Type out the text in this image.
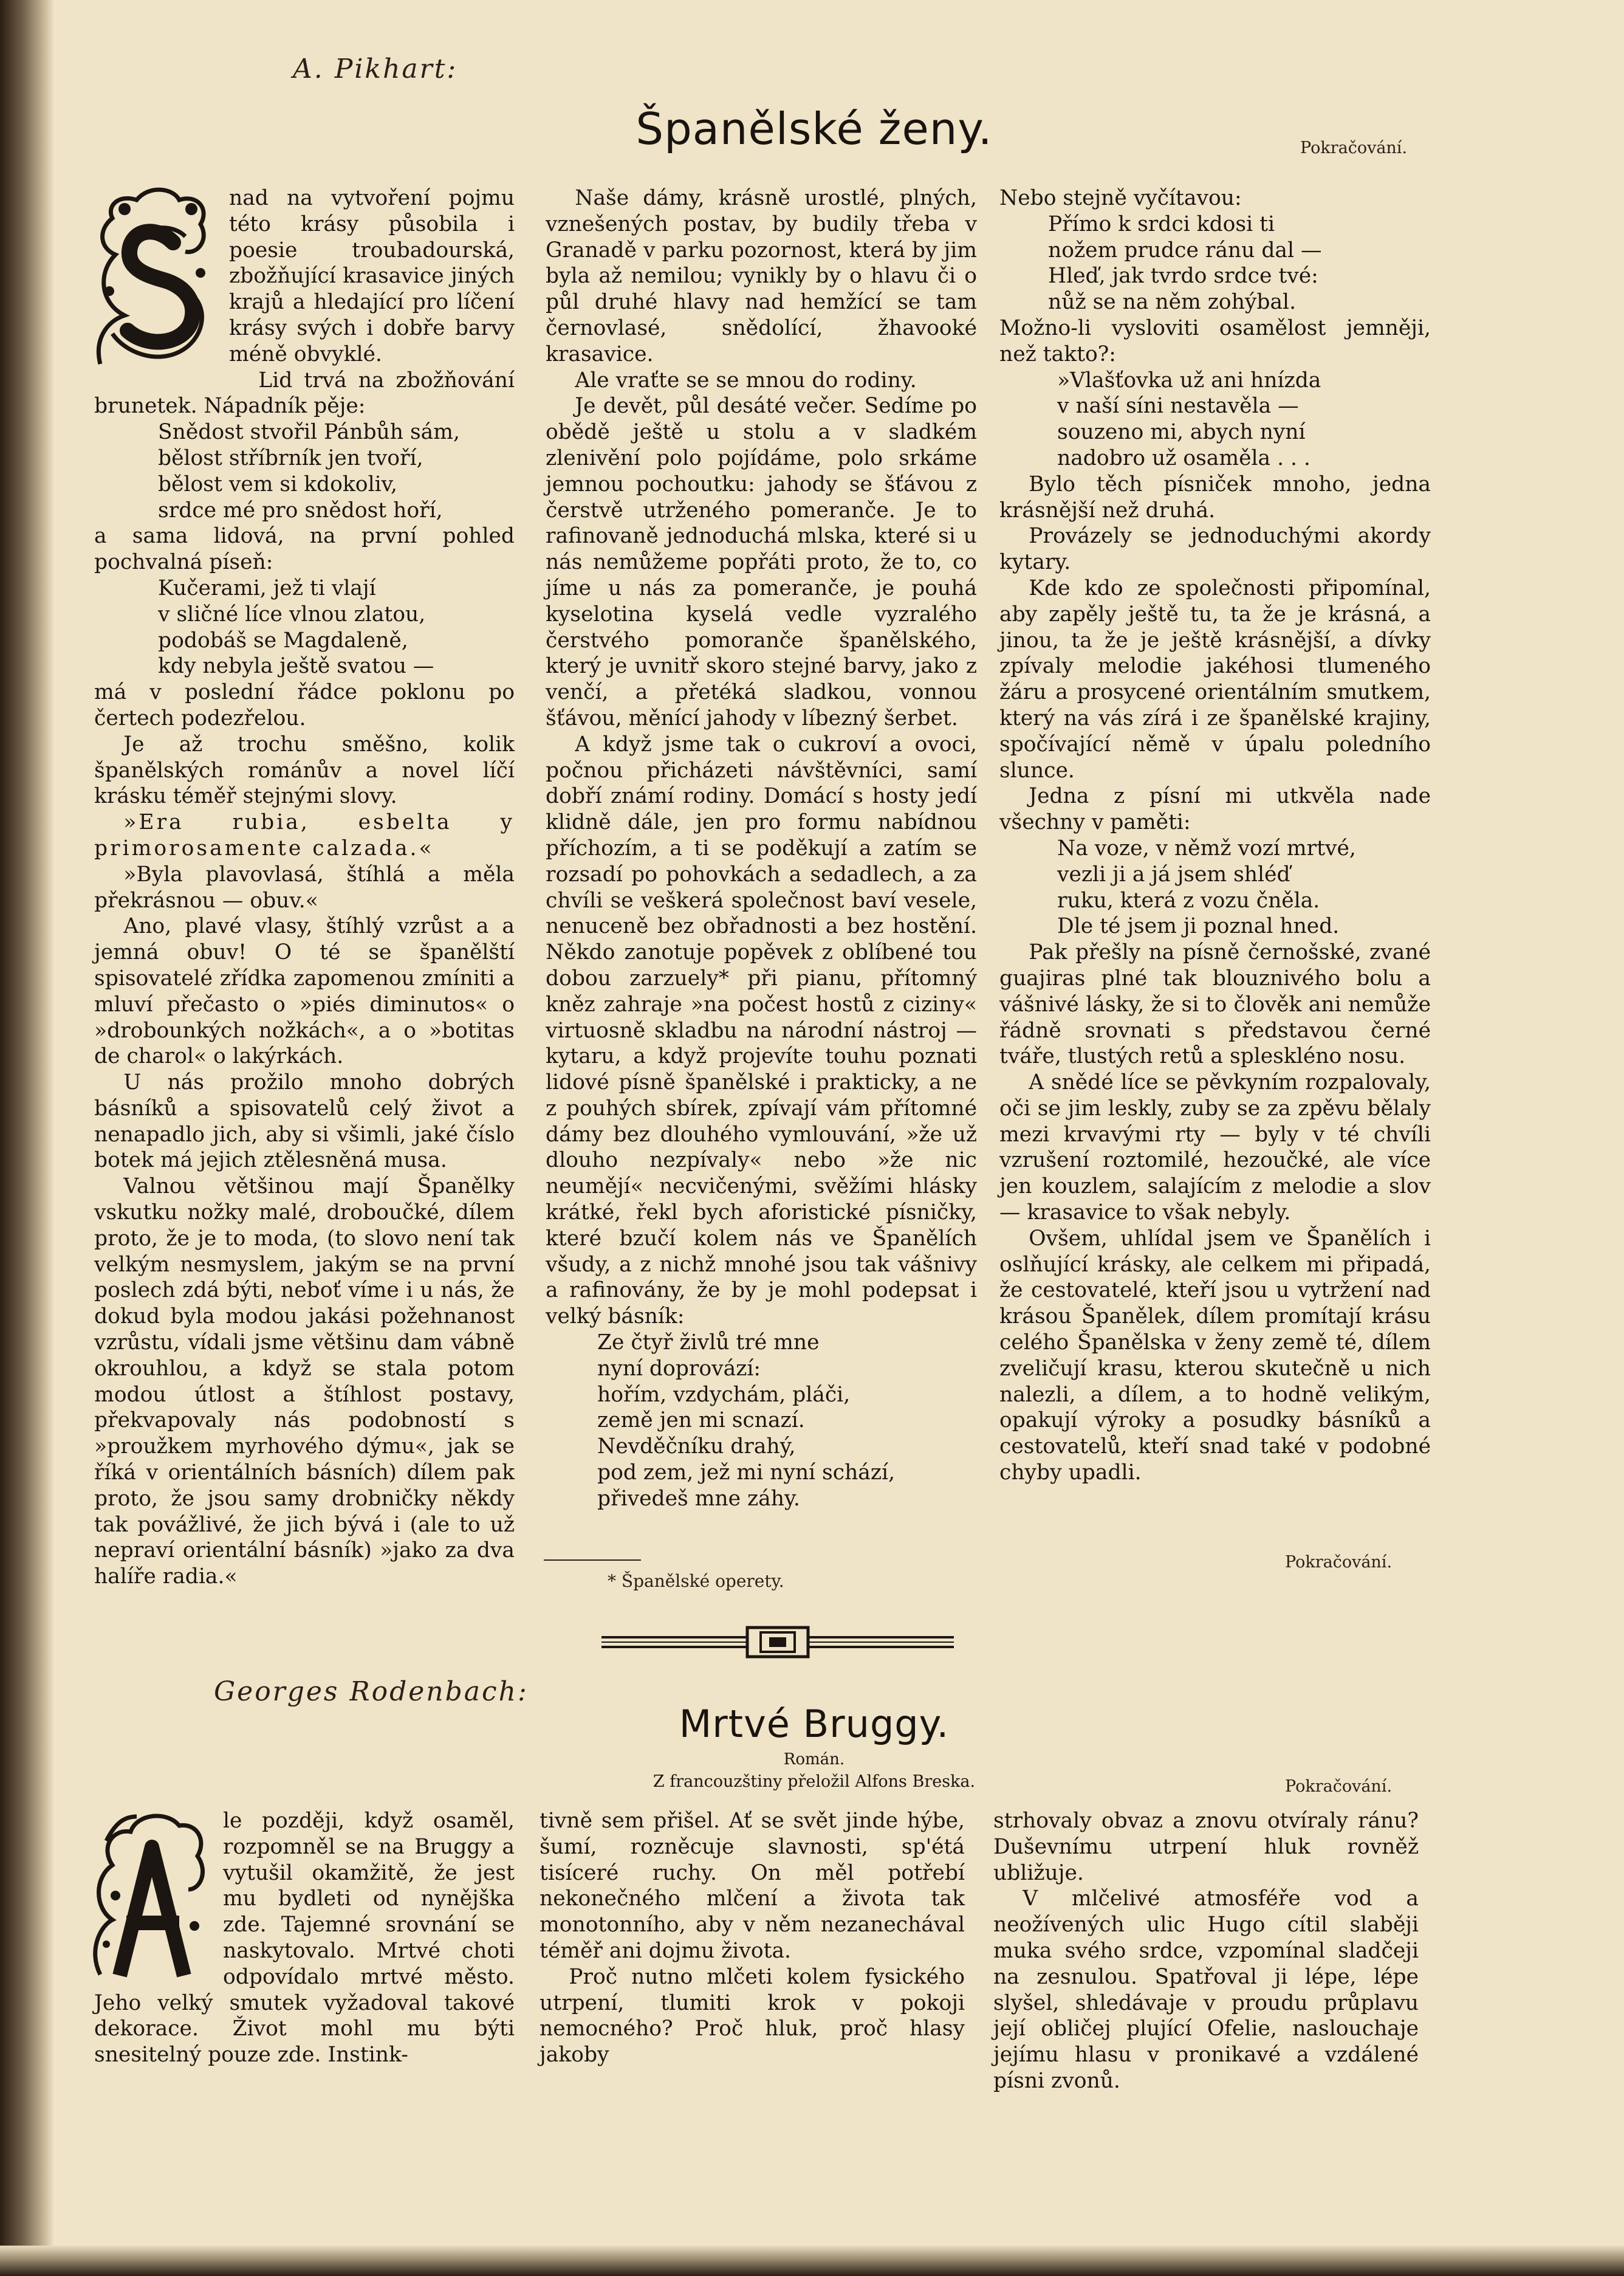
A. Pikhart:
Španělské ženy.	Pokračování.

nad na vytvoření pojmu této krásy působila i poesie troubadourská, zbožňující krasavice jiných krajů a hledající pro líčení krásy svých i dobře barvy méně obvyklé.

Lid trvá na zbožňování brunetek. Nápadník pěje:

Snědost stvořil Pánbůh sám,

bělost stříbrník jen tvoří,

bělost vem si kdokoliv,

srdce mé pro snědost hoří,

a sama lidová, na první pohled pochvalná píseň:

Kučerami, jež ti vlají

v sličné líce vlnou zlatou,

podobáš se Magdaleně,

kdy nebyla ještě svatou —

má v poslední řádce poklonu po čertech podezřelou.

Je až trochu směšno, kolik španělských románův a novel líčí krásku téměř stejnými slovy.

»Era rubia, esbelta y primorosamente calzada.«

»Byla plavovlasá, štíhlá a měla překrásnou — obuv.«

Ano, plavé vlasy, štíhlý vzrůst a a jemná obuv! O té se španělští spisovatelé zřídka zapomenou zmíniti a mluví přečasto o »piés diminutos« o »drobounkých nožkách«, a o »botitas de charol« o lakýrkách.

U nás prožilo mnoho dobrých básníků a spisovatelů celý život a nenapadlo jich, aby si všimli, jaké číslo botek má jejich ztělesněná musa.

Valnou většinou mají Španělky vskutku nožky malé, droboučké, dílem proto, že je to moda, (to slovo není tak velkým nesmyslem, jakým se na první poslech zdá býti, neboť víme i u nás, že dokud byla modou jakási požehnanost vzrůstu, vídali jsme většinu dam vábně okrouhlou, a když se stala potom modou útlost a štíhlost postavy, překvapovaly nás podobností s »proužkem myrhového dýmu«, jak se říká v orientálních básních) dílem pak proto, že jsou samy drobničky někdy tak povážlivé, že jich bývá i (ale to už nepraví orientální básník) »jako za dva halíře radia.«

Naše dámy, krásně urostlé, plných, vznešených postav, by budily třeba v Granadě v parku pozornost, která by jim byla až nemilou; vynikly by o hlavu či o půl druhé hlavy nad hemžící se tam černovlasé, snědolící, žhavooké krasavice.

Ale vraťte se se mnou do rodiny.

Je devět, půl desáté večer. Sedíme po obědě ještě u stolu a v sladkém zlenivění polo pojídáme, polo srkáme jemnou pochoutku: jahody se šťávou z čerstvě utrženého pomeranče. Je to rafinovaně jednoduchá mlska, které si u nás nemůžeme popřáti proto, že to, co jíme u nás za pomeranče, je pouhá kyselotina kyselá vedle vyzralého čerstvého pomoranče španělského, který je uvnitř skoro stejné barvy, jako z venčí, a přetéká sladkou, vonnou šťávou, měnící jahody v líbezný šerbet.

A když jsme tak o cukroví a ovoci, počnou přicházeti návštěvníci, samí dobří známí rodiny. Domácí s hosty jedí klidně dále, jen pro formu nabídnou příchozím, a ti se poděkují a zatím se rozsadí po pohovkách a sedadlech, a za chvíli se veškerá společnost baví vesele, nenuceně bez obřadnosti a bez hostění. Někdo zanotuje popěvek z oblíbené tou dobou zarzuely* při pianu, přítomný kněz zahraje »na počest hostů z ciziny« virtuosně skladbu na národní nástroj — kytaru, a když projevíte touhu poznati lidové písně španělské i prakticky, a ne z pouhých sbírek, zpívají vám přítomné dámy bez dlouhého vymlouvání, »že už dlouho nezpívaly« nebo »že nic neumějí« necvičenými, svěžími hlásky krátké, řekl bych aforistické písničky, které bzučí kolem nás ve Španělích všudy, a z nichž mnohé jsou tak vášnivy a rafinovány, že by je mohl podepsat i velký básník:

Ze čtyř živlů tré mne

nyní doprovází:

hořím, vzdychám, pláči,

země jen mi scnazí.

Nevděčníku drahý,

pod zem, jež mi nyní schází,

přivedeš mne záhy.

* Španělské operety.

Nebo stejně vyčítavou:

Přímo k srdci kdosi ti

nožem prudce ránu dal —

Hleď, jak tvrdo srdce tvé:

nůž se na něm zohýbal.

Možno-li vysloviti osamělost jemněji, než takto?:

»Vlašťovka už ani hnízda

v naší síni nestavěla —

souzeno mi, abych nyní

nadobro už osaměla . . .

Bylo těch písniček mnoho, jedna krásnější než druhá.

Provázely se jednoduchými akordy kytary.

Kde kdo ze společnosti připomínal, aby zapěly ještě tu, ta že je krásná, a jinou, ta že je ještě krásnější, a dívky zpívaly melodie jakéhosi tlumeného žáru a prosycené orientálním smutkem, který na vás zírá i ze španělské krajiny, spočívající němě v úpalu poledního slunce.

Jedna z písní mi utkvěla nade všechny v paměti:

Na voze, v němž vozí mrtvé,

vezli ji a já jsem shléď

ruku, která z vozu čněla.

Dle té jsem ji poznal hned.

Pak přešly na písně černošské, zvané guajiras plné tak blouznivého bolu a vášnivé lásky, že si to člověk ani nemůže řádně srovnati s představou černé tváře, tlustých retů a spleskléno nosu.

A snědé líce se pěvkyním rozpalovaly, oči se jim leskly, zuby se za zpěvu bělaly mezi krvavými rty — byly v té chvíli vzrušení roztomilé, hezoučké, ale více jen kouzlem, salajícím z melodie a slov — krasavice to však nebyly.

Ovšem, uhlídal jsem ve Španělích i oslňující krásky, ale celkem mi připadá, že cestovatelé, kteří jsou u vytržení nad krásou Španělek, dílem promítají krásu celého Španělska v ženy země té, dílem zveličují krasu, kterou skutečně u nich nalezli, a dílem, a to hodně velikým, opakují výroky a posudky básníků a cestovatelů, kteří snad také v podobné chyby upadli.

Pokračování.
Georges Rodenbach:
Mrtvé Bruggy.
Román.
Z francouzštiny přeložil Alfons Breska.	Pokračování.

le později, když osaměl, rozpomněl se na Bruggy a vytušil okamžitě, že jest mu bydleti od nynějška zde. Tajemné srovnání se naskytovalo. Mrtvé choti odpovídalo mrtvé město. Jeho velký smutek vyžadoval takové dekorace. Život mohl mu býti snesitelný pouze zde. Instink-

tivně sem přišel. Ať se svět jinde hýbe, šumí, rozněcuje slavnosti, sp'étá tisíceré ruchy. On měl potřebí nekonečného mlčení a života tak monotonního, aby v něm nezanechával téměř ani dojmu života.

Proč nutno mlčeti kolem fysického utrpení, tlumiti krok v pokoji nemocného? Proč hluk, proč hlasy jakoby

strhovaly obvaz a znovu otvíraly ránu? Duševnímu utrpení hluk rovněž ubližuje.

V mlčelivé atmosféře vod a neožívených ulic Hugo cítil slaběji muka svého srdce, vzpomínal sladčeji na zesnulou. Spatřoval ji lépe, lépe slyšel, shledávaje v proudu průplavu její obličej plující Ofelie, naslouchaje jejímu hlasu v pronikavé a vzdálené písni zvonů.
